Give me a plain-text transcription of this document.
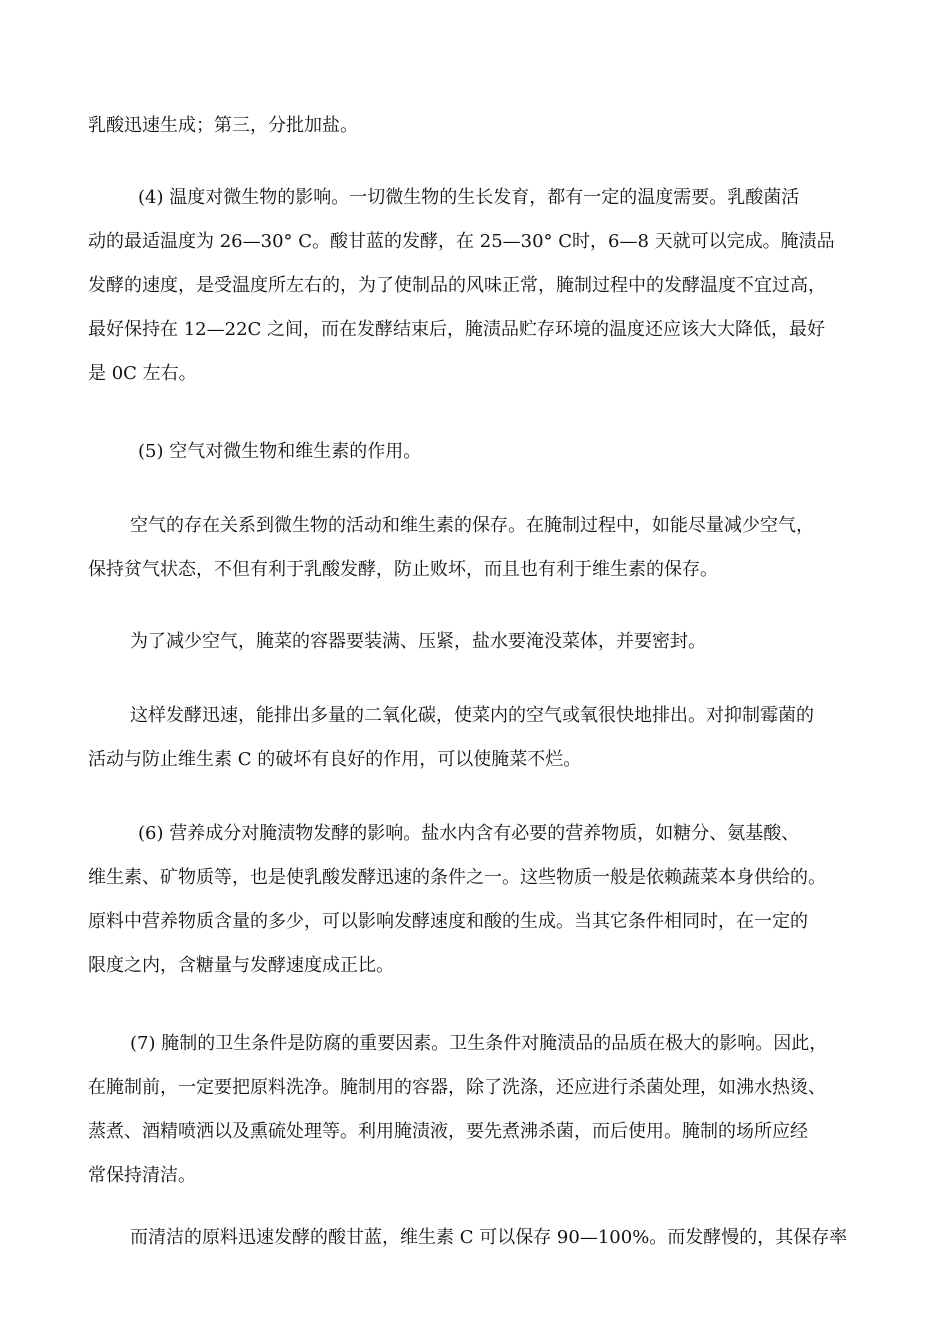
乳酸迅速生成；第三，分批加盐。
(4) 温度对微生物的影响。一切微生物的生长发育，都有一定的温度需要。乳酸菌活
动的最适温度为 26—30° C。酸甘蓝的发酵，在 25—30° C时，6—8 天就可以完成。腌渍品
发酵的速度，是受温度所左右的，为了使制品的风味正常，腌制过程中的发酵温度不宜过高，
最好保持在 12—22C 之间，而在发酵结束后，腌渍品贮存环境的温度还应该大大降低，最好
是 0C 左右。
(5) 空气对微生物和维生素的作用。
空气的存在关系到微生物的活动和维生素的保存。在腌制过程中，如能尽量减少空气，
保持贫气状态，不但有利于乳酸发酵，防止败坏，而且也有利于维生素的保存。
为了减少空气，腌菜的容器要装满、压紧，盐水要淹没菜体，并要密封。
这样发酵迅速，能排出多量的二氧化碳，使菜内的空气或氧很快地排出。对抑制霉菌的
活动与防止维生素 C 的破坏有良好的作用，可以使腌菜不烂。
(6) 营养成分对腌渍物发酵的影响。盐水内含有必要的营养物质，如糖分、氨基酸、
维生素、矿物质等，也是使乳酸发酵迅速的条件之一。这些物质一般是依赖蔬菜本身供给的。
原料中营养物质含量的多少，可以影响发酵速度和酸的生成。当其它条件相同时，在一定的
限度之内，含糖量与发酵速度成正比。
(7) 腌制的卫生条件是防腐的重要因素。卫生条件对腌渍品的品质在极大的影响。因此，
在腌制前，一定要把原料洗净。腌制用的容器，除了洗涤，还应进行杀菌处理，如沸水热烫、
蒸煮、酒精喷洒以及熏硫处理等。利用腌渍液，要先煮沸杀菌，而后使用。腌制的场所应经
常保持清洁。
而清洁的原料迅速发酵的酸甘蓝，维生素 C 可以保存 90—100%。而发酵慢的，其保存率
